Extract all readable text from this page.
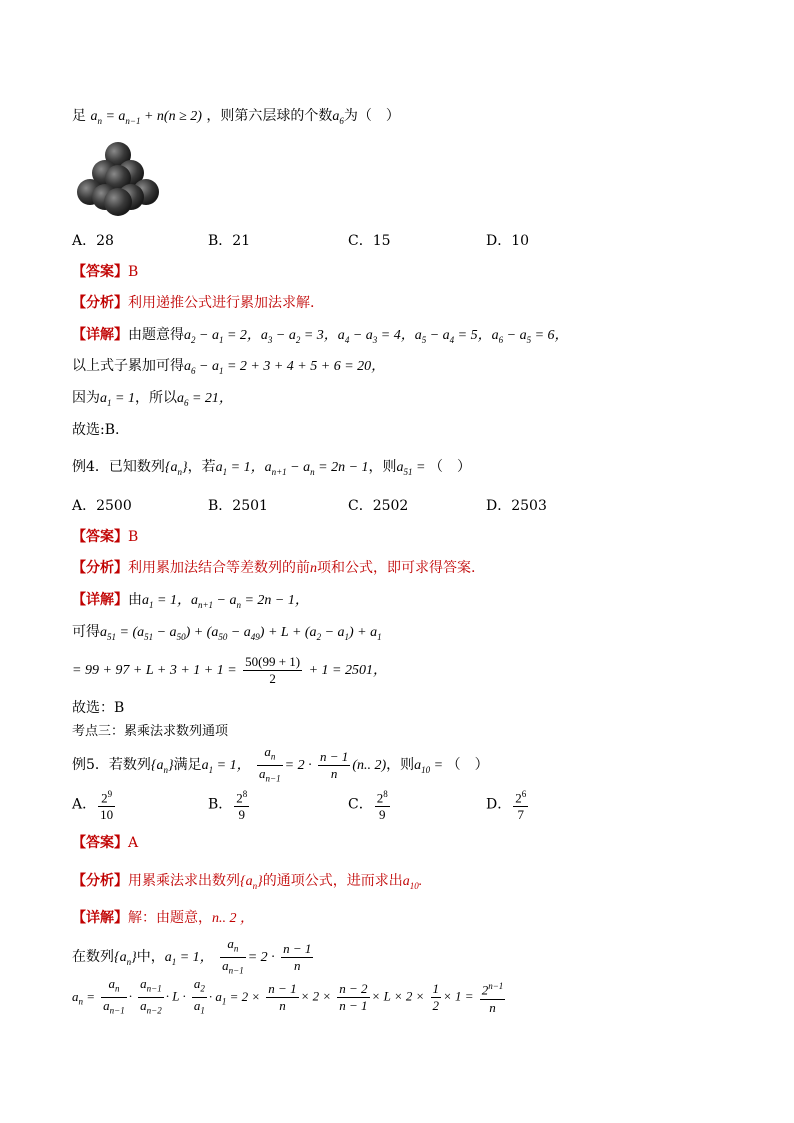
足 $a_n = a_{n-1} + n(n \ge 2)$ ，则第六层球的个数$a_6$为（　）
A．28	B．21	C．15	D．10
【答案】B
【分析】利用递推公式进行累加法求解.
【详解】由题意得$a_2 - a_1 = 2$，$a_3 - a_2 = 3$，$a_4 - a_3 = 4$，$a_5 - a_4 = 5$，$a_6 - a_5 = 6$，
以上式子累加可得$a_6 - a_1 = 2 + 3 + 4 + 5 + 6 = 20$，
因为$a_1 = 1$，所以$a_6 = 21$，
故选:B.
例4．已知数列$\{a_n\}$，若$a_1 = 1$，$a_{n+1} - a_n = 2n - 1$，则$a_{51}$ = （　）
A．2500	B．2501	C．2502	D．2503
【答案】B
【分析】利用累加法结合等差数列的前n项和公式，即可求得答案.
【详解】由$a_1 = 1$，$a_{n+1} - a_n = 2n - 1$，
可得$a_{51} = (a_{51} - a_{50}) + (a_{50} - a_{49}) + L + (a_2 - a_1) + a_1$
= $99 + 97 + L + 3 + 1 + 1 = \frac{50(99 + 1)}{2} + 1 = 2501$，
故选：B
考点三：累乘法求数列通项
例5．若数列$\{a_n\}$满足$a_1 = 1$， $\frac{a_n}{a_{n-1}} = 2 \cdot \frac{n - 1}{n} (n$.. 2)，则$a_{10}$ = （　）
A． $\frac{2^9}{10}$	B． $\frac{2^8}{9}$	C． $\frac{2^8}{9}$	D． $\frac{2^6}{7}$
【答案】A
【分析】用累乘法求出数列$\{a_n\}$的通项公式，进而求出$a_{10}$.
【详解】解：由题意，n.. 2 ，
在数列$\{a_n\}$中，$a_1 = 1$， $\frac{a_n}{a_{n-1}} = 2 \cdot \frac{n - 1}{n}$
$a_n = \frac{a_n}{a_{n-1}} \cdot \frac{a_{n-1}}{a_{n-2}} \cdot L \cdot \frac{a_2}{a_1} \cdot a_1 = 2 \times \frac{n - 1}{n} \times 2 \times \frac{n - 2}{n - 1} \times L \times 2 \times \frac{1}{2} \times 1 = \frac{2^{n-1}}{n}$
